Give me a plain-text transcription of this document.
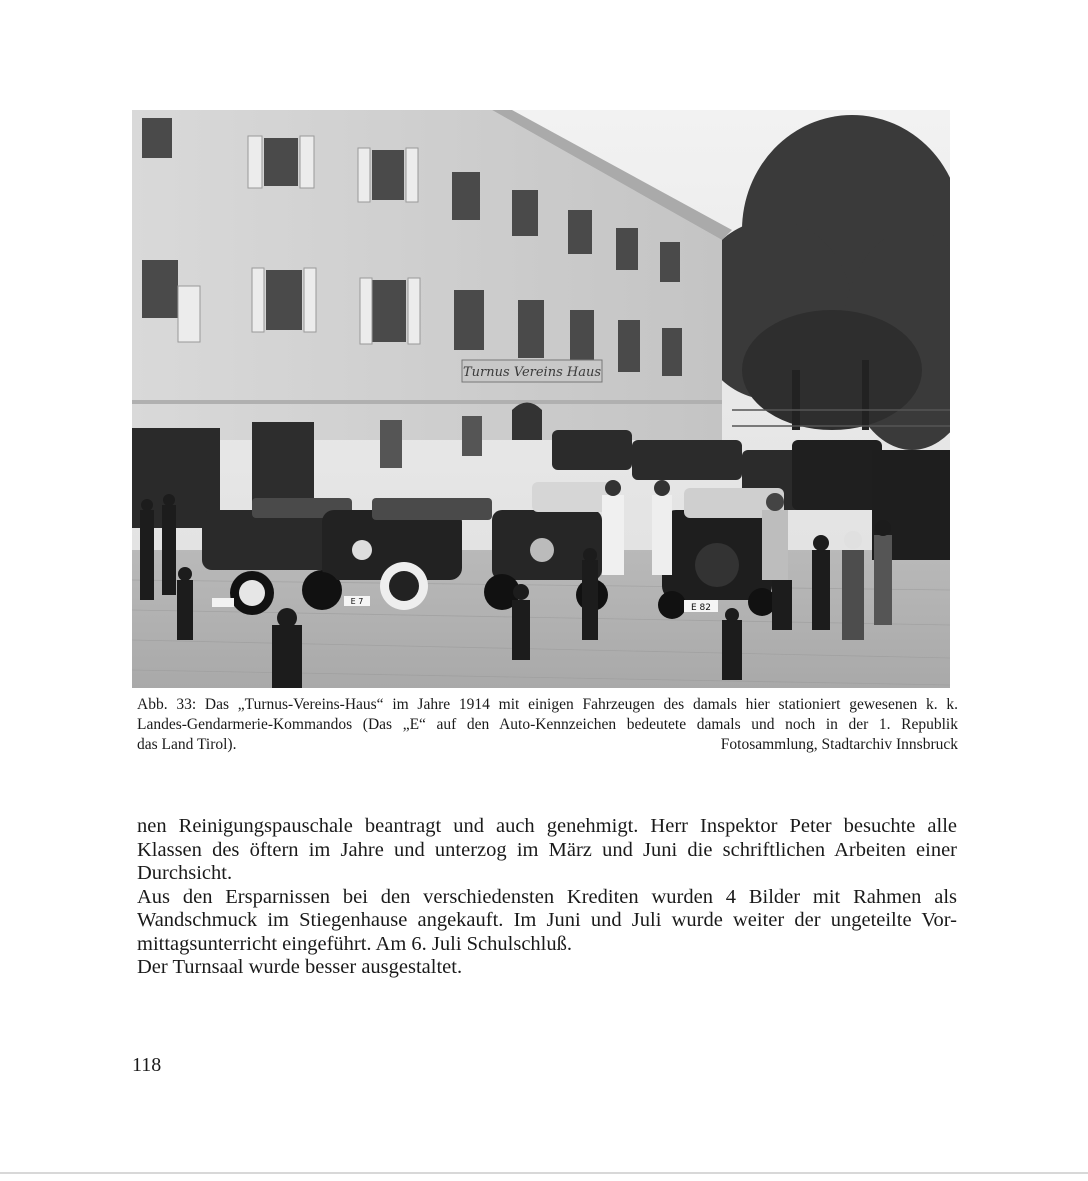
Turnus Vereins Haus
E 7
E 82
Abb. 33: Das „Turnus-Vereins-Haus“ im Jahre 1914 mit einigen Fahrzeugen des damals hier stationiert gewesenen k. k.
Landes-Gendarmerie-Kommandos (Das „E“ auf den Auto-Kennzeichen bedeutete damals und noch in der 1. Republik
das Land Tirol).	Fotosammlung, Stadtarchiv Innsbruck

nen Reinigungspauschale beantragt und auch genehmigt. Herr Inspektor Peter besuchte alle
Klassen des öftern im Jahre und unterzog im März und Juni die schriftlichen Arbeiten einer
Durchsicht.

Aus den Ersparnissen bei den verschiedensten Krediten wurden 4 Bilder mit Rahmen als
Wandschmuck im Stiegenhause angekauft. Im Juni und Juli wurde weiter der ungeteilte Vor-
mittagsunterricht eingeführt. Am 6. Juli Schulschluß.

Der Turnsaal wurde besser ausgestaltet.

118
